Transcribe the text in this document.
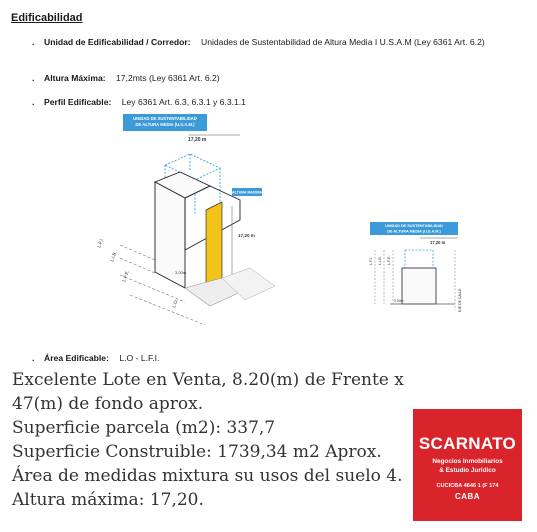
Edificabilidad
. Unidad de Edificabilidad / Corredor: Unidades de Sustentabilidad de Altura Media I U.S.A.M (Ley 6361 Art. 6.2)
. Altura Máxima: 17,2mts (Ley 6361 Art. 6.2)
. Perfil Edificable: Ley 6361 Art. 6.3, 6.3.1 y 6.3.1.1
UNIDAD DE SUSTENTABILIDAD
DE ALTURA MEDIA (U.S.A.M.)
17,20 m
ALTURA MAXIMA
17,20 m
3,00m
L.F.I.
L.I.B.
L.F.E.
L.O.
UNIDAD DE SUSTENTABILIDAD
DE ALTURA MEDIA (U.S.A.M.)
17,20 m
L.F.I. L.I.B. L.F.E.
EJE DE CALLE
3,00m
. Área Edificable: L.O - L.F.I.
Excelente Lote en Venta, 8.20(m) de Frente x 47(m) de fondo aprox.
Superficie parcela (m2): 337,7
Superficie Construible: 1739,34 m2 Aprox.
Área de medidas mixtura su usos del suelo 4.
Altura máxima: 17,20.
SCARNATO
Negocios Inmobiliarios
& Estudio Jurídico
CUCICBA 4646 1 (F 174
CABA
